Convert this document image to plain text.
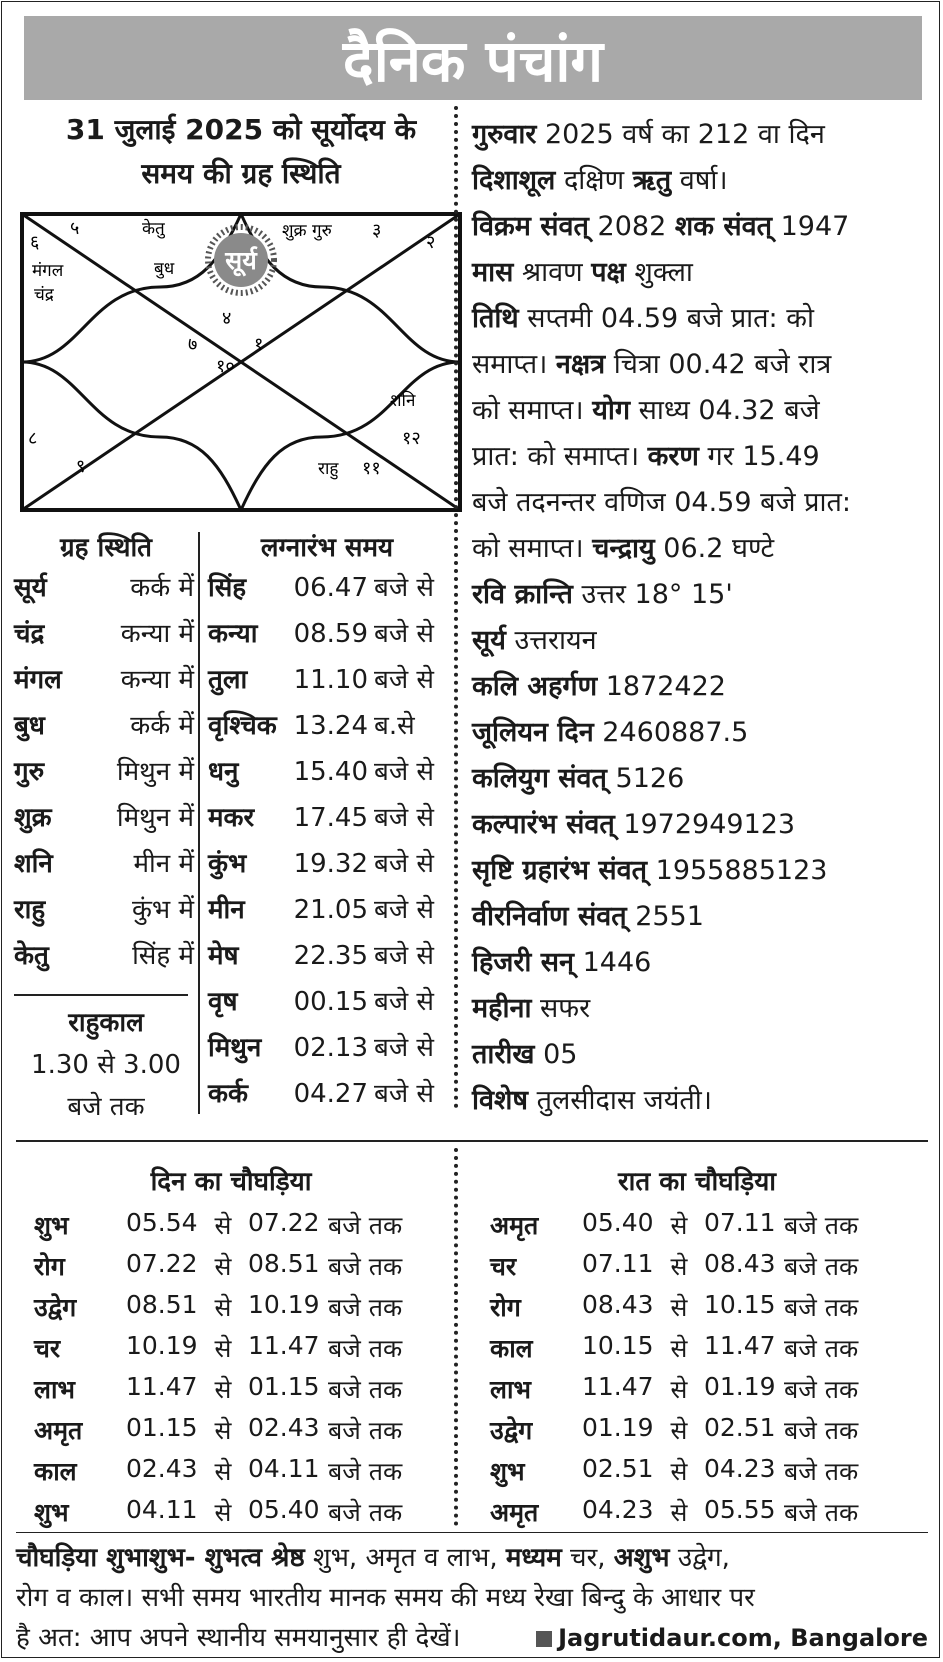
दैनिक पंचांग
31 जुलाई 2025 को सूर्योदय के
समय की ग्रह स्थिति
सूर्य
५
६
३
२
४
७	१
१०
८
९
१२
११
केतु	शुक्र गुरु
बुध
मंगल
चंद्र
शनि
राहु
ग्रह स्थिति
सूर्य	कर्क में
चंद्र	कन्या में
मंगल कन्या में
बुध	कर्क में
गुरु	मिथुन में
शुक्र	मिथुन में
शनि	मीन में
राहु	कुंभ में
केतु	सिंह में
राहुकाल
1.30 से 3.00
बजे तक
लग्नारंभ समय
सिंह	06.47 बजे से
कन्या	08.59 बजे से
तुला	11.10 बजे से
वृश्चिक 13.24 ब.से
धनु	15.40 बजे से
मकर	17.45 बजे से
कुंभ	19.32 बजे से
मीन	21.05 बजे से
मेष	22.35 बजे से
वृष	00.15 बजे से
मिथुन	02.13 बजे से
कर्क	04.27 बजे से
गुरुवार 2025 वर्ष का 212 वा दिन
दिशाशूल दक्षिण ऋतु वर्षा।
विक्रम संवत् 2082 शक संवत् 1947
मास श्रावण पक्ष शुक्ला
तिथि सप्तमी 04.59 बजे प्रात: को
समाप्त। नक्षत्र चित्रा 00.42 बजे रात्र
को समाप्त। योग साध्य 04.32 बजे
प्रात: को समाप्त। करण गर 15.49
बजे तदनन्तर वणिज 04.59 बजे प्रात:
को समाप्त। चन्द्रायु 06.2 घण्टे
रवि क्रान्ति उत्तर 18° 15'
सूर्य उत्तरायन
कलि अहर्गण 1872422
जूलियन दिन 2460887.5
कलियुग संवत् 5126
कल्पारंभ संवत् 1972949123
सृष्टि ग्रहारंभ संवत् 1955885123
वीरनिर्वाण संवत् 2551
हिजरी सन् 1446
महीना सफर
तारीख 05
विशेष तुलसीदास जयंती।
दिन का चौघड़िया	रात का चौघड़िया
शुभ	05.54 से 07.22 बजे तक
रोग	07.22 से 08.51 बजे तक
उद्वेग	08.51 से 10.19 बजे तक
चर	10.19 से 11.47 बजे तक
लाभ	11.47 से 01.15 बजे तक
अमृत	01.15 से 02.43 बजे तक
काल	02.43 से 04.11 बजे तक
शुभ	04.11 से 05.40 बजे तक
अमृत	05.40 से 07.11 बजे तक
चर	07.11 से 08.43 बजे तक
रोग	08.43 से 10.15 बजे तक
काल	10.15 से 11.47 बजे तक
लाभ	11.47 से 01.19 बजे तक
उद्वेग	01.19 से 02.51 बजे तक
शुभ	02.51 से 04.23 बजे तक
अमृत	04.23 से 05.55 बजे तक
चौघड़िया शुभाशुभ- शुभत्व श्रेष्ठ शुभ, अमृत व लाभ, मध्यम चर, अशुभ उद्वेग,
रोग व काल। सभी समय भारतीय मानक समय की मध्य रेखा बिन्दु के आधार पर
है अत: आप अपने स्थानीय समयानुसार ही देखें।	Jagrutidaur.com, Bangalore
